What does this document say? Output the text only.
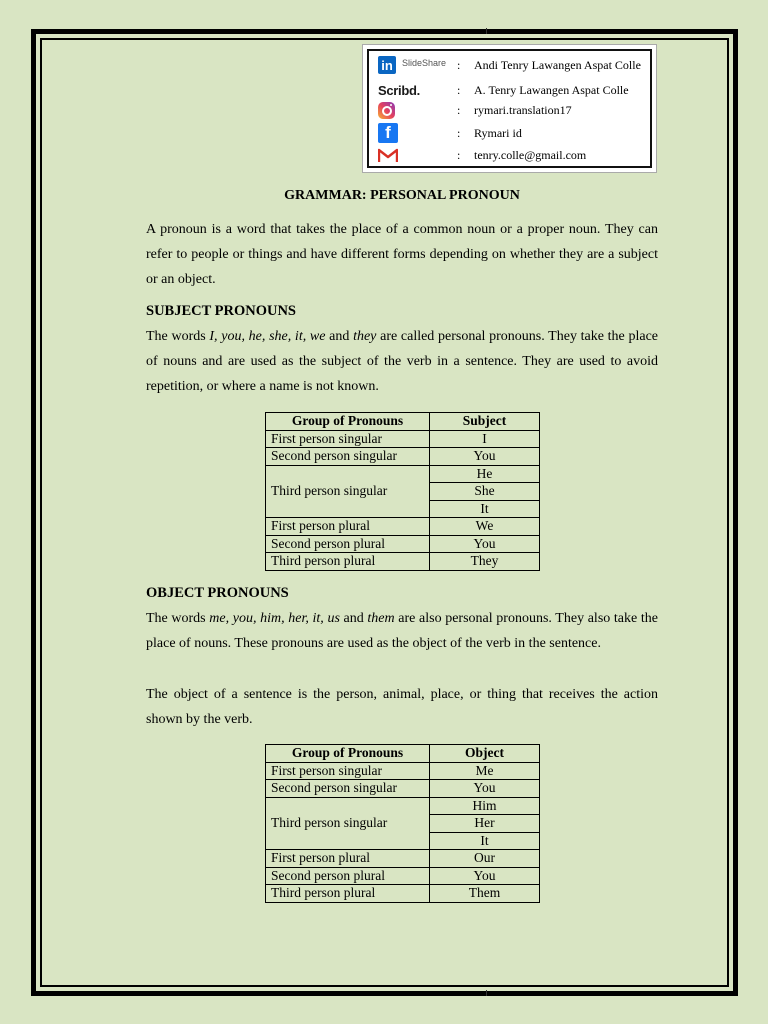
in	SlideShare : Andi Tenry Lawangen Aspat Colle
Scribd.	: A. Tenry Lawangen Aspat Colle
: rymari.translation17
f	: Rymari id
: tenry.colle@gmail.com
GRAMMAR: PERSONAL PRONOUN
A pronoun is a word that takes the place of a common noun or a proper noun. They can refer to people or things and have different forms depending on whether they are a subject or an object.
SUBJECT PRONOUNS
The words I, you, he, she, it, we and they are called personal pronouns. They take the place of nouns and are used as the subject of the verb in a sentence. They are used to avoid repetition, or where a name is not known.
Group of Pronouns	Subject
First person singular	I
Second person singular	You
Third person singular	He
	She
	It
First person plural	We
Second person plural	You
Third person plural	They
OBJECT PRONOUNS
The words me, you, him, her, it, us and them are also personal pronouns. They also take the place of nouns. These pronouns are used as the object of the verb in the sentence.
The object of a sentence is the person, animal, place, or thing that receives the action shown by the verb.
Group of Pronouns	Object
First person singular	Me
Second person singular	You
Third person singular	Him
	Her
	It
First person plural	Our
Second person plural	You
Third person plural	Them
